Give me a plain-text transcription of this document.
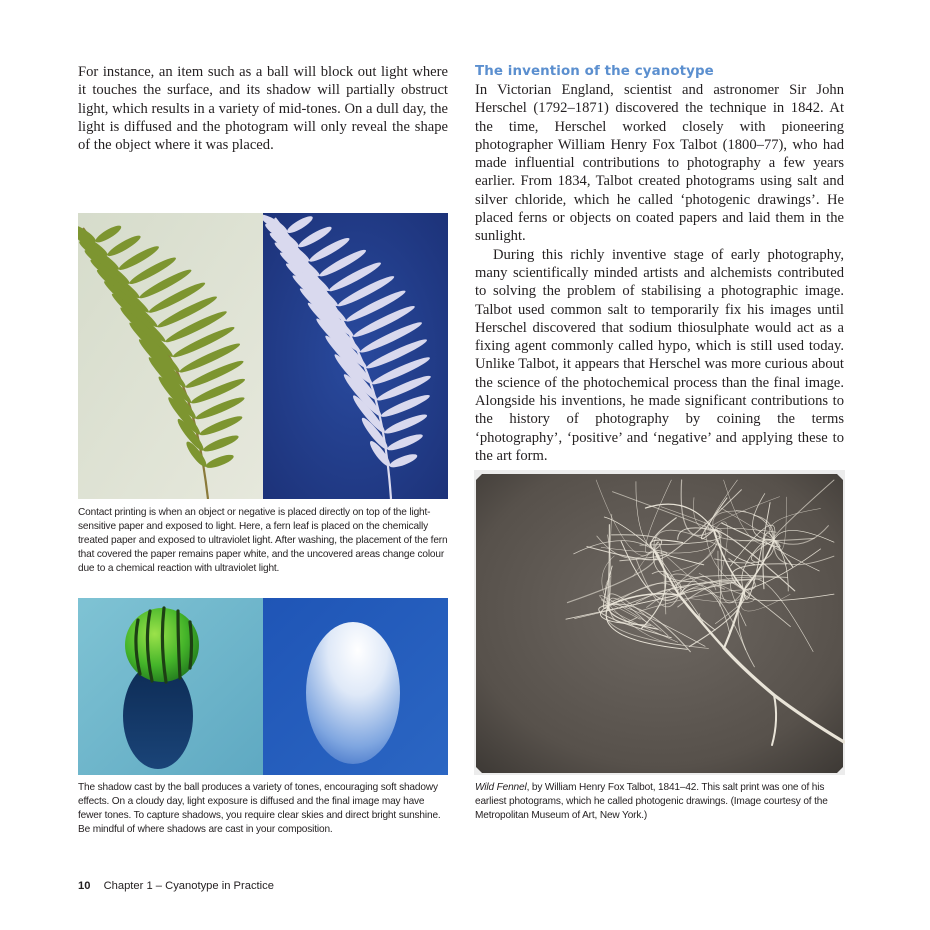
For instance, an item such as a ball will block out light where it touches the surface, and its shadow will partially obstruct light, which results in a variety of mid-tones. On a dull day, the light is diffused and the photogram will only reveal the shape of the object where it was placed.

Contact printing is when an object or negative is placed directly on top of the light-sensitive paper and exposed to light. Here, a fern leaf is placed on the chemically treated paper and exposed to ultraviolet light. After washing, the placement of the fern that covered the paper remains paper white, and the uncovered areas change colour due to a chemical reaction with ultraviolet light.
The shadow cast by the ball produces a variety of tones, encouraging soft shadowy effects. On a cloudy day, light exposure is diffused and the final image may have fewer tones. To capture shadows, you require clear skies and direct bright sunshine. Be mindful of where shadows are cast in your composition.
The invention of the cyanotype

In Victorian England, scientist and astronomer Sir John Herschel (1792–1871) discovered the technique in 1842. At the time, Herschel worked closely with pioneering photographer William Henry Fox Talbot (1800–77), who had made influential contributions to photography a few years earlier. From 1834, Talbot created photograms using salt and silver chloride, which he called ‘photogenic drawings’. He placed ferns or objects on coated papers and laid them in the sunlight.

During this richly inventive stage of early photography, many scientifically minded artists and alchemists contributed to solving the problem of stabilising a photographic image. Talbot used common salt to temporarily fix his images until Herschel discovered that sodium thiosulphate would act as a fixing agent commonly called hypo, which is still used today. Unlike Talbot, it appears that Herschel was more curious about the science of the photochemical process than the final image. Alongside his inventions, he made significant contributions to the history of photography by coining the terms ‘photography’, ‘positive’ and ‘negative’ and applying these to the art form.

Wild Fennel, by William Henry Fox Talbot, 1841–42. This salt print was one of his earliest photograms, which he called photogenic drawings. (Image courtesy of the Metropolitan Museum of Art, New York.)
10 Chapter 1 – Cyanotype in Practice
